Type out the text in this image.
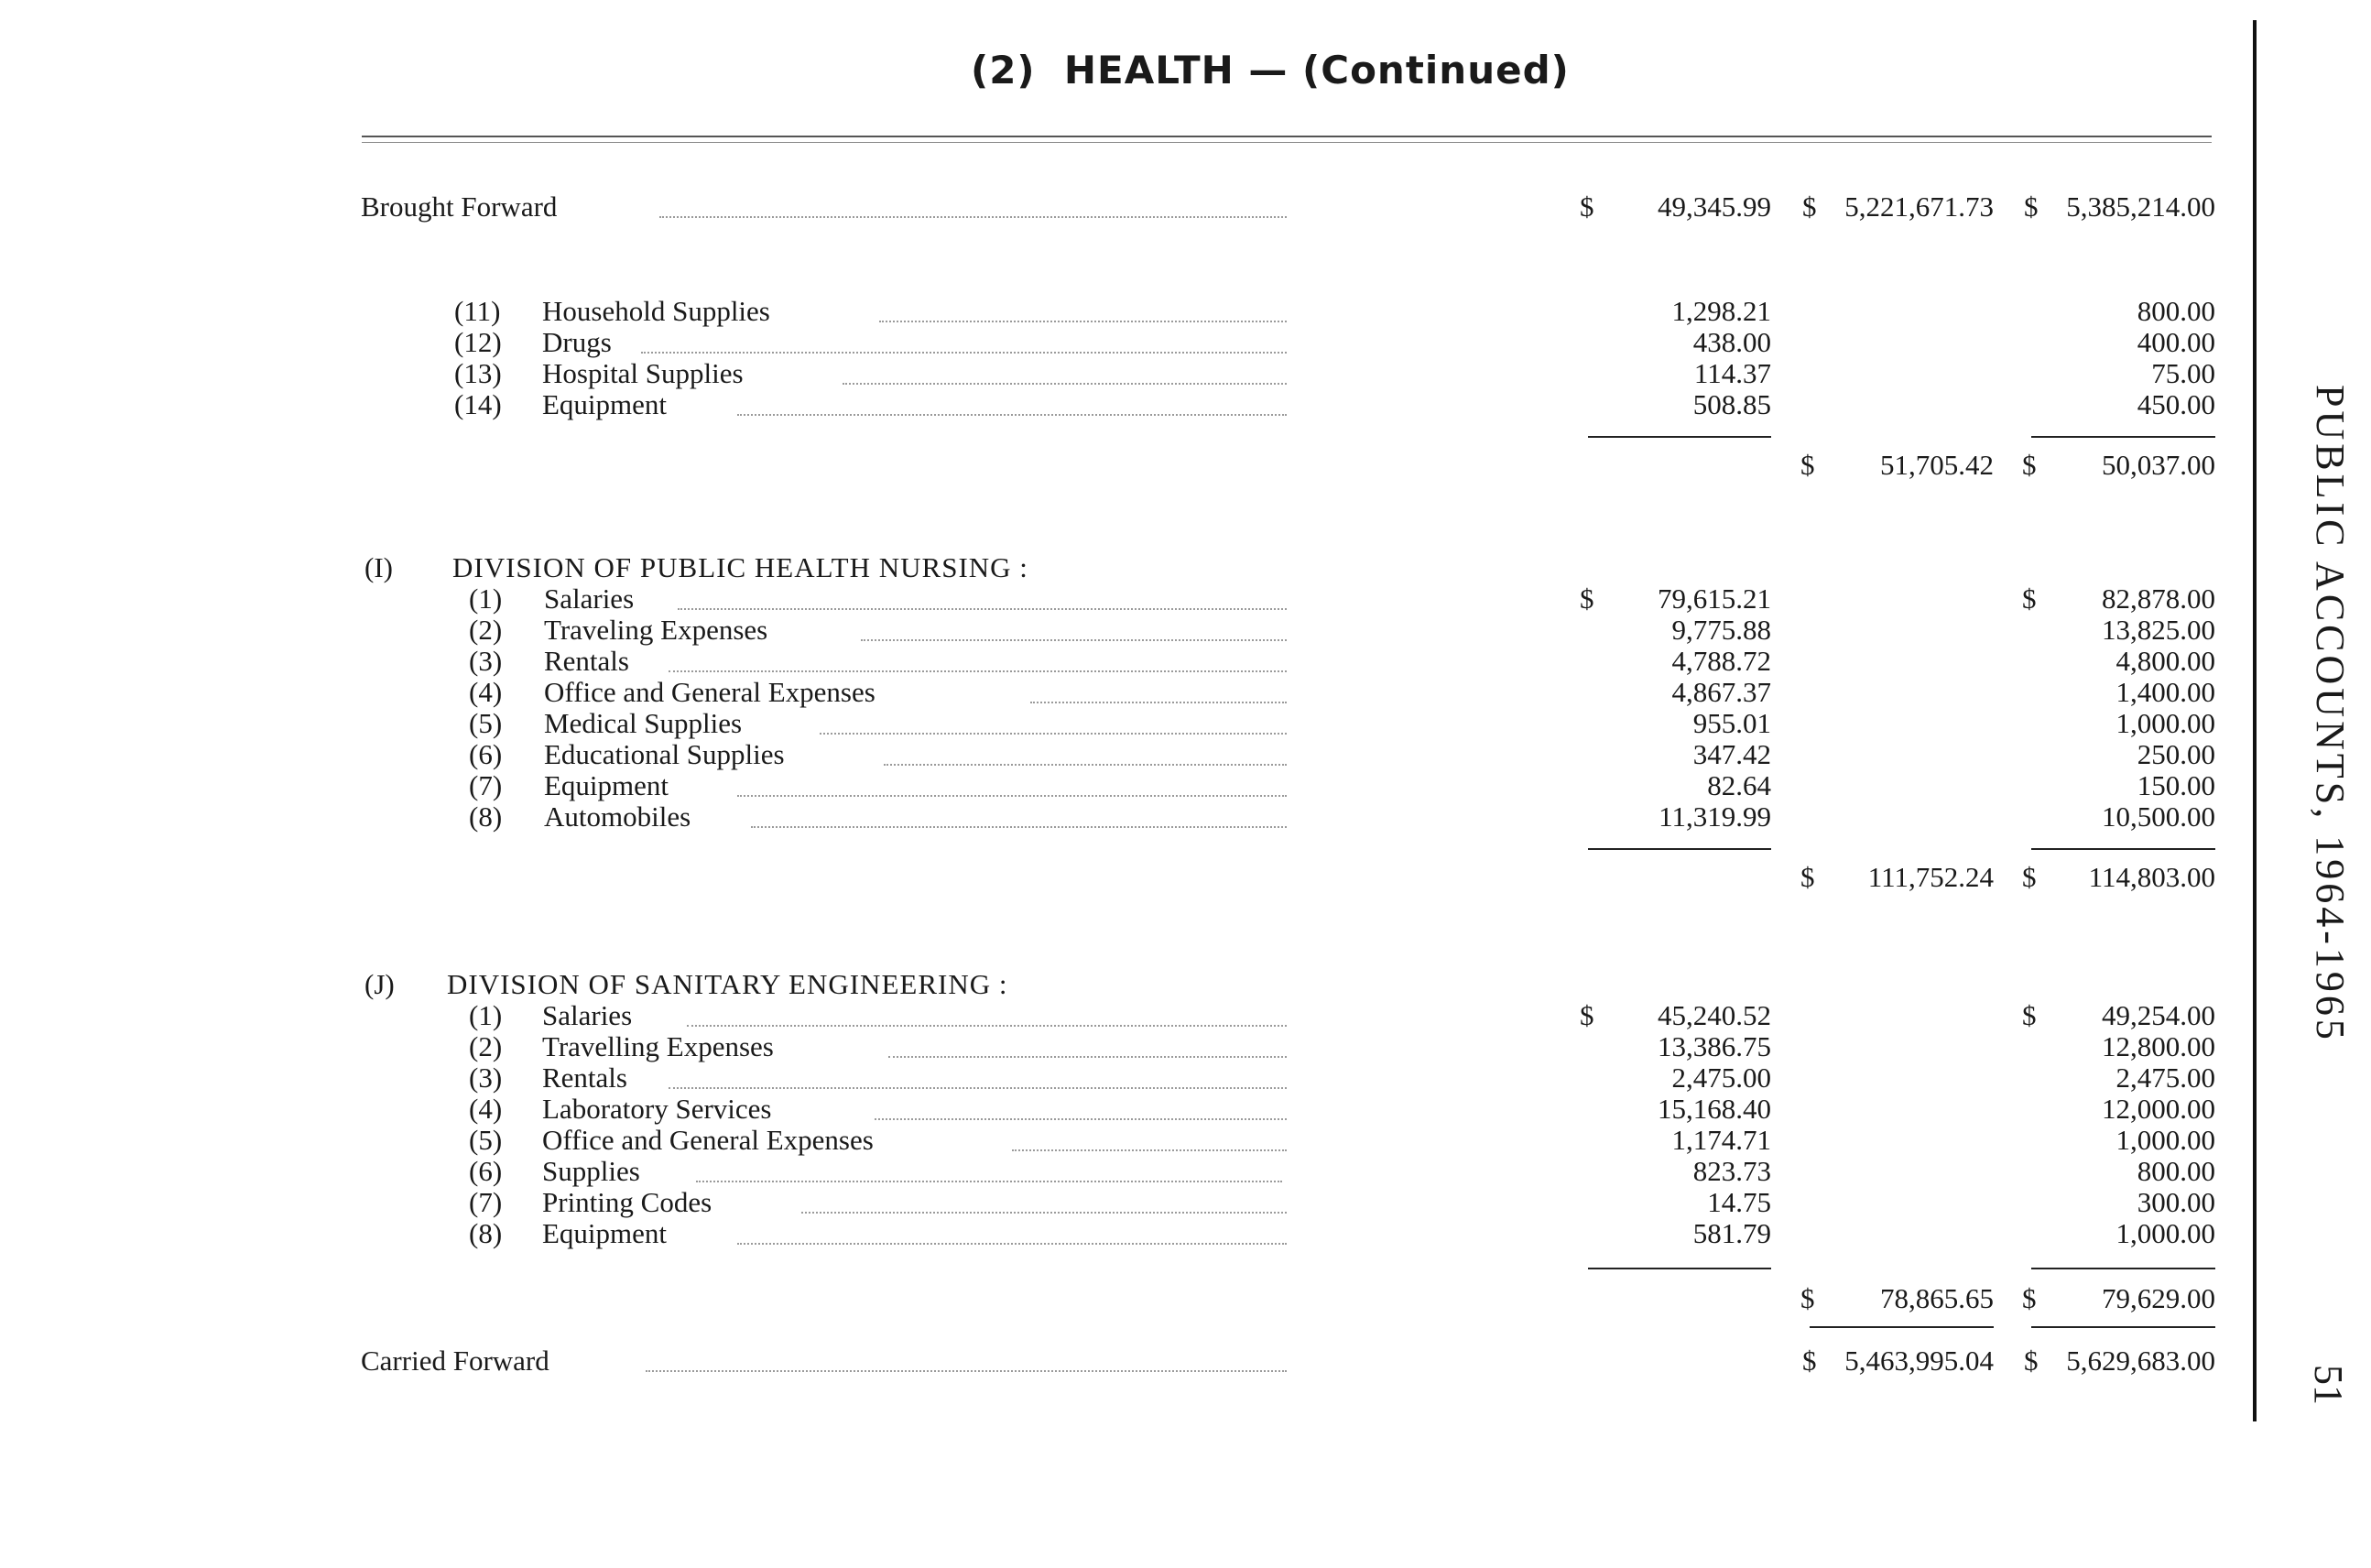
(2)  HEALTH — (Continued)
PUBLIC ACCOUNTS, 1964-1965
51
Brought Forward	$	49,345.99 $ 5,221,671.73 $ 5,385,214.00
(11) Household Supplies	1,298.21	800.00
(12) Drugs	438.00	400.00
(13) Hospital Supplies	114.37	75.00
(14) Equipment	508.85	450.00
$	51,705.42 $	50,037.00
(I) DIVISION OF PUBLIC HEALTH NURSING :
(1) Salaries	$	79,615.21	$	82,878.00
(2) Traveling Expenses	9,775.88	13,825.00
(3) Rentals	4,788.72	4,800.00
(4) Office and General Expenses	4,867.37	1,400.00
(5) Medical Supplies	955.01	1,000.00
(6) Educational Supplies	347.42	250.00
(7) Equipment	82.64	150.00
(8) Automobiles	11,319.99	10,500.00
$	111,752.24 $	114,803.00
(J) DIVISION OF SANITARY ENGINEERING :
(1) Salaries	$	45,240.52	$	49,254.00
(2) Travelling Expenses	13,386.75	12,800.00
(3) Rentals	2,475.00	2,475.00
(4) Laboratory Services	15,168.40	12,000.00
(5) Office and General Expenses	1,174.71	1,000.00
(6) Supplies	823.73	800.00
(7) Printing Codes	14.75	300.00
(8) Equipment	581.79	1,000.00
$	78,865.65 $	79,629.00
Carried Forward	$ 5,463,995.04 $ 5,629,683.00
